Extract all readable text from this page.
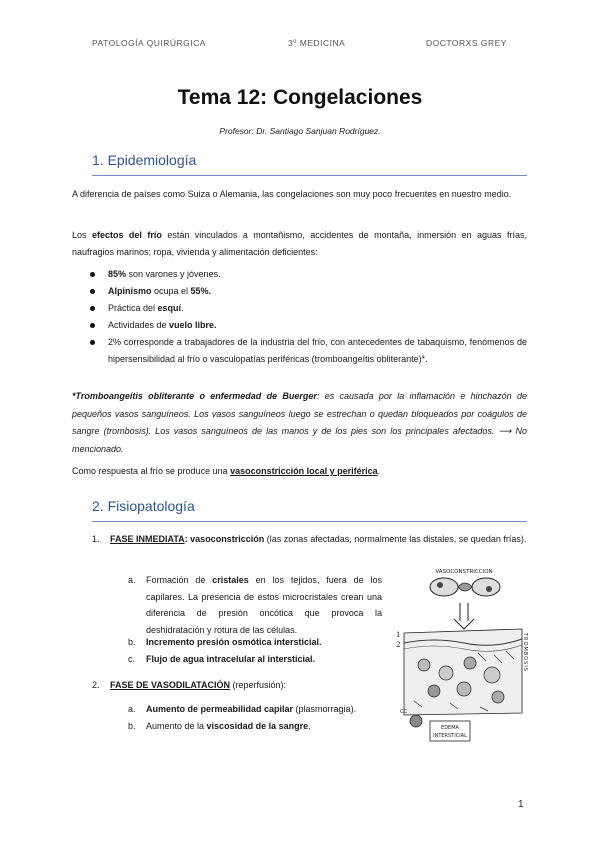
PATOLOGÍA QUIRÚRGICA	3º MEDICINA	DOCTORXS GREY
Tema 12: Congelaciones
Profesor: Dr. Santiago Sanjuan Rodríguez.
1. Epidemiología

A diferencia de países como Suiza o Alemania, las congelaciones son muy poco frecuentes en nuestro medio.

Los efectos del frío están vinculados a montañismo, accidentes de montaña, inmersión en aguas frías, naufragios marinos; ropa, vivienda y alimentación deficientes:

85% son varones y jóvenes.
Alpinismo ocupa el 55%.
Práctica del esquí.
Actividades de vuelo libre.
2% corresponde a trabajadores de la industria del frío, con antecedentes de tabaquismo, fenómenos de hipersensibilidad al frío o vasculopatías periféricas (tromboangeítis obliterante)*.

*Tromboangeítis obliterante o enfermedad de Buerger: es causada por la inflamación e hinchazón de pequeños vasos sanguíneos. Los vasos sanguíneos luego se estrechan o quedan bloqueados por coágulos de sangre (trombosis). Los vasos sanguíneos de las manos y de los pies son los principales afectados. ⟶ No mencionado.

Como respuesta al frío se produce una vasoconstricción local y periférica.

2. Fisiopatología
1. FASE INMEDIATA: vasoconstricción (las zonas afectadas, normalmente las distales, se quedan frías).
a. Formación de cristales en los tejidos, fuera de los capilares. La presencia de estos microcristales crean una diferencia de presión oncótica que provoca la deshidratación y rotura de las células.
b. Incremento presión osmótica intersticial.
c. Flujo de agua intracelular al intersticial.
2. FASE DE VASODILATACIÓN (reperfusión):
a. Aumento de permeabilidad capilar (plasmorragia).
b. Aumento de la viscosidad de la sangre.
VASOCONSTRICCION
1
2	TROMBOSIS
CC
EDEMA
INTERSTICIAL
1
